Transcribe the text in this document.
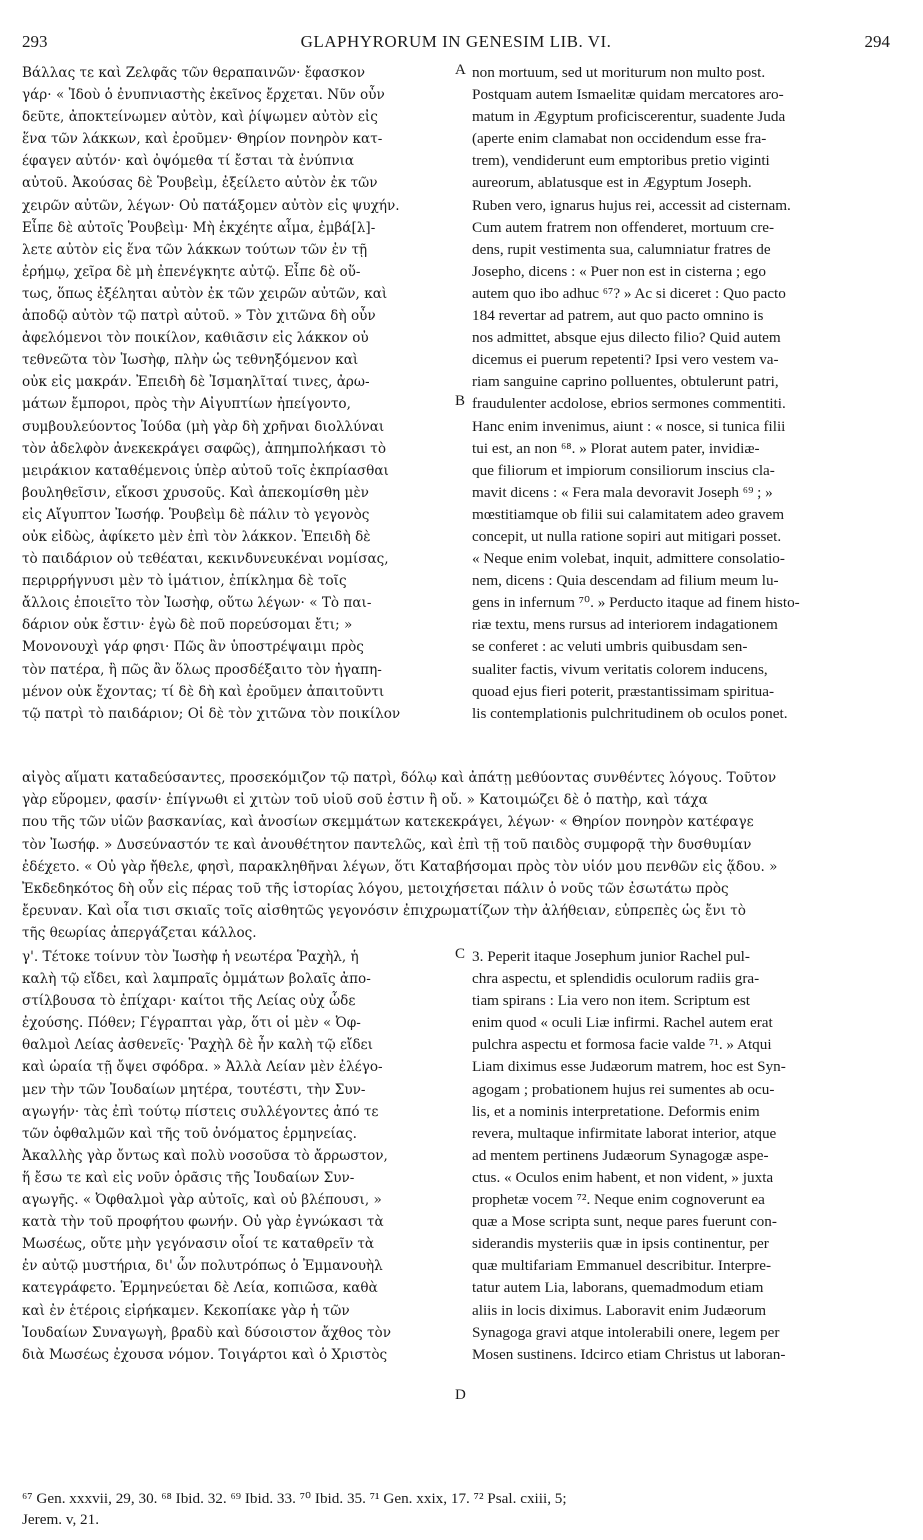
293	GLAPHYRORUM IN GENESIM LIB. VI.	294

Βάλλας τε καὶ Ζελφᾶς τῶν θεραπαινῶν· ἔφασκον
γάρ· « Ἰδοὺ ὁ ἐνυπνιαστὴς ἐκεῖνος ἔρχεται. Νῦν οὖν
δεῦτε, ἀποκτείνωμεν αὐτὸν, καὶ ῥίψωμεν αὐτὸν εἰς
ἕνα τῶν λάκκων, καὶ ἐροῦμεν· Θηρίον πονηρὸν κατ-
έφαγεν αὐτόν· καὶ ὀψόμεθα τί ἔσται τὰ ἐνύπνια
αὐτοῦ. Ἀκούσας δὲ Ῥουβεὶμ, ἐξείλετο αὐτὸν ἐκ τῶν
χειρῶν αὐτῶν, λέγων· Οὐ πατάξομεν αὐτὸν εἰς ψυχήν.
Εἶπε δὲ αὐτοῖς Ῥουβεὶμ· Μὴ ἐκχέητε αἷμα, ἐμβά[λ]-
λετε αὐτὸν εἰς ἕνα τῶν λάκκων τούτων τῶν ἐν τῇ
ἐρήμῳ, χεῖρα δὲ μὴ ἐπενέγκητε αὐτῷ. Εἶπε δὲ οὕ-
τως, ὅπως ἐξέληται αὐτὸν ἐκ τῶν χειρῶν αὐτῶν, καὶ
ἀποδῷ αὐτὸν τῷ πατρὶ αὐτοῦ. » Τὸν χιτῶνα δὴ οὖν
ἀφελόμενοι τὸν ποικίλον, καθιᾶσιν εἰς λάκκον οὐ
τεθνεῶτα τὸν Ἰωσὴφ, πλὴν ὡς τεθνηξόμενον καὶ
οὐκ εἰς μακράν. Ἐπειδὴ δὲ Ἰσμαηλῖταί τινες, ἀρω-
μάτων ἔμποροι, πρὸς τὴν Αἰγυπτίων ἠπείγοντο,
συμβουλεύοντος Ἰούδα (μὴ γὰρ δὴ χρῆναι διολλύναι
τὸν ἀδελφὸν ἀνεκεκράγει σαφῶς), ἀπημπολήκασι τὸ
μειράκιον καταθέμενοις ὑπὲρ αὐτοῦ τοῖς ἐκπρίασθαι
βουληθεῖσιν, εἴκοσι χρυσοῦς. Καὶ ἀπεκομίσθη μὲν
εἰς Αἴγυπτον Ἰωσήφ. Ῥουβεὶμ δὲ πάλιν τὸ γεγονὸς
οὐκ εἰδὼς, ἀφίκετο μὲν ἐπὶ τὸν λάκκον. Ἐπειδὴ δὲ
τὸ παιδάριον οὐ τεθέαται, κεκινδυνευκέναι νομίσας,
περιρρήγνυσι μὲν τὸ ἱμάτιον, ἐπίκλημα δὲ τοῖς
ἄλλοις ἐποιεῖτο τὸν Ἰωσὴφ, οὕτω λέγων· « Τὸ παι-
δάριον οὐκ ἔστιν· ἐγὼ δὲ ποῦ πορεύσομαι ἔτι; »
Μονονουχὶ γάρ φησι· Πῶς ἂν ὑποστρέψαιμι πρὸς
τὸν πατέρα, ἢ πῶς ἂν ὅλως προσδέξαιτο τὸν ἠγαπη-
μένον οὐκ ἔχοντας; τί δὲ δὴ καὶ ἐροῦμεν ἀπαιτοῦντι
τῷ πατρὶ τὸ παιδάριον; Οἱ δὲ τὸν χιτῶνα τὸν ποικίλον

non mortuum, sed ut moriturum non multo post.
Postquam autem Ismaelitæ quidam mercatores aro-
matum in Ægyptum proficiscerentur, suadente Juda
(aperte enim clamabat non occidendum esse fra-
trem), vendiderunt eum emptoribus pretio viginti
aureorum, ablatusque est in Ægyptum Joseph.
Ruben vero, ignarus hujus rei, accessit ad cisternam.
Cum autem fratrem non offenderet, mortuum cre-
dens, rupit vestimenta sua, calumniatur fratres de
Josepho, dicens : « Puer non est in cisterna ; ego
autem quo ibo adhuc ⁶⁷? » Ac si diceret : Quo pacto
184 revertar ad patrem, aut quo pacto omnino is
nos admittet, absque ejus dilecto filio? Quid autem
dicemus ei puerum repetenti? Ipsi vero vestem va-
riam sanguine caprino polluentes, obtulerunt patri,
fraudulenter acdolose, ebrios sermones commentiti.
Hanc enim invenimus, aiunt : « nosce, si tunica filii
tui est, an non ⁶⁸. » Plorat autem pater, invidiæ-
que filiorum et impiorum consiliorum inscius cla-
mavit dicens : « Fera mala devoravit Joseph ⁶⁹ ; »
mœstitiamque ob filii sui calamitatem adeo gravem
concepit, ut nulla ratione sopiri aut mitigari posset.
« Neque enim volebat, inquit, admittere consolatio-
nem, dicens : Quia descendam ad filium meum lu-
gens in infernum ⁷⁰. » Perducto itaque ad finem histo-
riæ textu, mens rursus ad interiorem indagationem
se conferet : ac veluti umbris quibusdam sen-
sualiter factis, vivum veritatis colorem inducens,
quoad ejus fieri poterit, præstantissimam spiritua-
lis contemplationis pulchritudinem ob oculos ponet.

A
B

αἰγὸς αἵματι καταδεύσαντες, προσεκόμιζον τῷ πατρὶ, δόλῳ καὶ ἀπάτῃ μεθύοντας συνθέντες λόγους. Τοῦτον
γὰρ εὕρομεν, φασίν· ἐπίγνωθι εἰ χιτὼν τοῦ υἱοῦ σοῦ ἐστιν ἢ οὔ. » Κατοιμώζει δὲ ὁ πατὴρ, καὶ τάχα
που τῆς τῶν υἱῶν βασκανίας, καὶ ἀνοσίων σκεμμάτων κατεκεκράγει, λέγων· « Θηρίον πονηρὸν κατέφαγε
τὸν Ἰωσήφ. » Δυσεύναστόν τε καὶ ἀνουθέτητον παντελῶς, καὶ ἐπὶ τῇ τοῦ παιδὸς συμφορᾷ τὴν δυσθυμίαν
ἐδέχετο. « Οὐ γὰρ ἤθελε, φησὶ, παρακληθῆναι λέγων, ὅτι Καταβήσομαι πρὸς τὸν υἱόν μου πενθῶν εἰς ᾅδου. »
Ἐκδεδηκότος δὴ οὖν εἰς πέρας τοῦ τῆς ἱστορίας λόγου, μετοιχήσεται πάλιν ὁ νοῦς τῶν ἐσωτάτω πρὸς
ἔρευναν. Καὶ οἷα τισι σκιαῖς τοῖς αἰσθητῶς γεγονόσιν ἐπιχρωματίζων τὴν ἀλήθειαν, εὐπρεπὲς ὡς ἔνι τὸ
τῆς θεωρίας ἀπεργάζεται κάλλος.

γ'. Τέτοκε τοίνυν τὸν Ἰωσὴφ ἡ νεωτέρα Ῥαχὴλ, ἡ
καλὴ τῷ εἴδει, καὶ λαμπραῖς ὀμμάτων βολαῖς ἀπο-
στίλβουσα τὸ ἐπίχαρι· καίτοι τῆς Λείας οὐχ ὧδε
ἐχούσης. Πόθεν; Γέγραπται γὰρ, ὅτι οἱ μὲν « Ὀφ-
θαλμοὶ Λείας ἀσθενεῖς· Ῥαχὴλ δὲ ἦν καλὴ τῷ εἴδει
καὶ ὡραία τῇ ὄψει σφόδρα. » Ἀλλὰ Λείαν μὲν ἐλέγο-
μεν τὴν τῶν Ἰουδαίων μητέρα, τουτέστι, τὴν Συν-
αγωγήν· τὰς ἐπὶ τούτῳ πίστεις συλλέγοντες ἀπό τε
τῶν ὀφθαλμῶν καὶ τῆς τοῦ ὀνόματος ἑρμηνείας.
Ἀκαλλὴς γὰρ ὄντως καὶ πολὺ νοσοῦσα τὸ ἄρρωστον,
ἥ ἔσω τε καὶ εἰς νοῦν ὁρᾶσις τῆς Ἰουδαίων Συν-
αγωγῆς. « Ὀφθαλμοὶ γὰρ αὐτοῖς, καὶ οὐ βλέπουσι, »
κατὰ τὴν τοῦ προφήτου φωνήν. Οὐ γὰρ ἐγνώκασι τὰ
Μωσέως, οὔτε μὴν γεγόνασιν οἷοί τε καταθρεῖν τὰ
ἐν αὐτῷ μυστήρια, δι' ὧν πολυτρόπως ὁ Ἐμμανουὴλ
κατεγράφετο. Ἑρμηνεύεται δὲ Λεία, κοπιῶσα, καθὰ
καὶ ἐν ἑτέροις εἰρήκαμεν. Κεκοπίακε γὰρ ἡ τῶν
Ἰουδαίων Συναγωγὴ, βραδὺ καὶ δύσοιστον ἄχθος τὸν
διὰ Μωσέως ἐχουσα νόμον. Τοιγάρτοι καὶ ὁ Χριστὸς

3. Peperit itaque Josephum junior Rachel pul-
chra aspectu, et splendidis oculorum radiis gra-
tiam spirans : Lia vero non item. Scriptum est
enim quod « oculi Liæ infirmi. Rachel autem erat
pulchra aspectu et formosa facie valde ⁷¹. » Atqui
Liam diximus esse Judæorum matrem, hoc est Syn-
agogam ; probationem hujus rei sumentes ab ocu-
lis, et a nominis interpretatione. Deformis enim
revera, multaque infirmitate laborat interior, atque
ad mentem pertinens Judæorum Synagogæ aspe-
ctus. « Oculos enim habent, et non vident, » juxta
prophetæ vocem ⁷². Neque enim cognoverunt ea
quæ a Mose scripta sunt, neque pares fuerunt con-
siderandis mysteriis quæ in ipsis continentur, per
quæ multifariam Emmanuel describitur. Interpre-
tatur autem Lia, laborans, quemadmodum etiam
aliis in locis diximus. Laboravit enim Judæorum
Synagoga gravi atque intolerabili onere, legem per
Mosen sustinens. Idcirco etiam Christus ut laboran-

C
D

⁶⁷ Gen. xxxvii, 29, 30. ⁶⁸ Ibid. 32. ⁶⁹ Ibid. 33. ⁷⁰ Ibid. 35. ⁷¹ Gen. xxix, 17. ⁷² Psal. cxiii, 5;

Jerem. v, 21.
